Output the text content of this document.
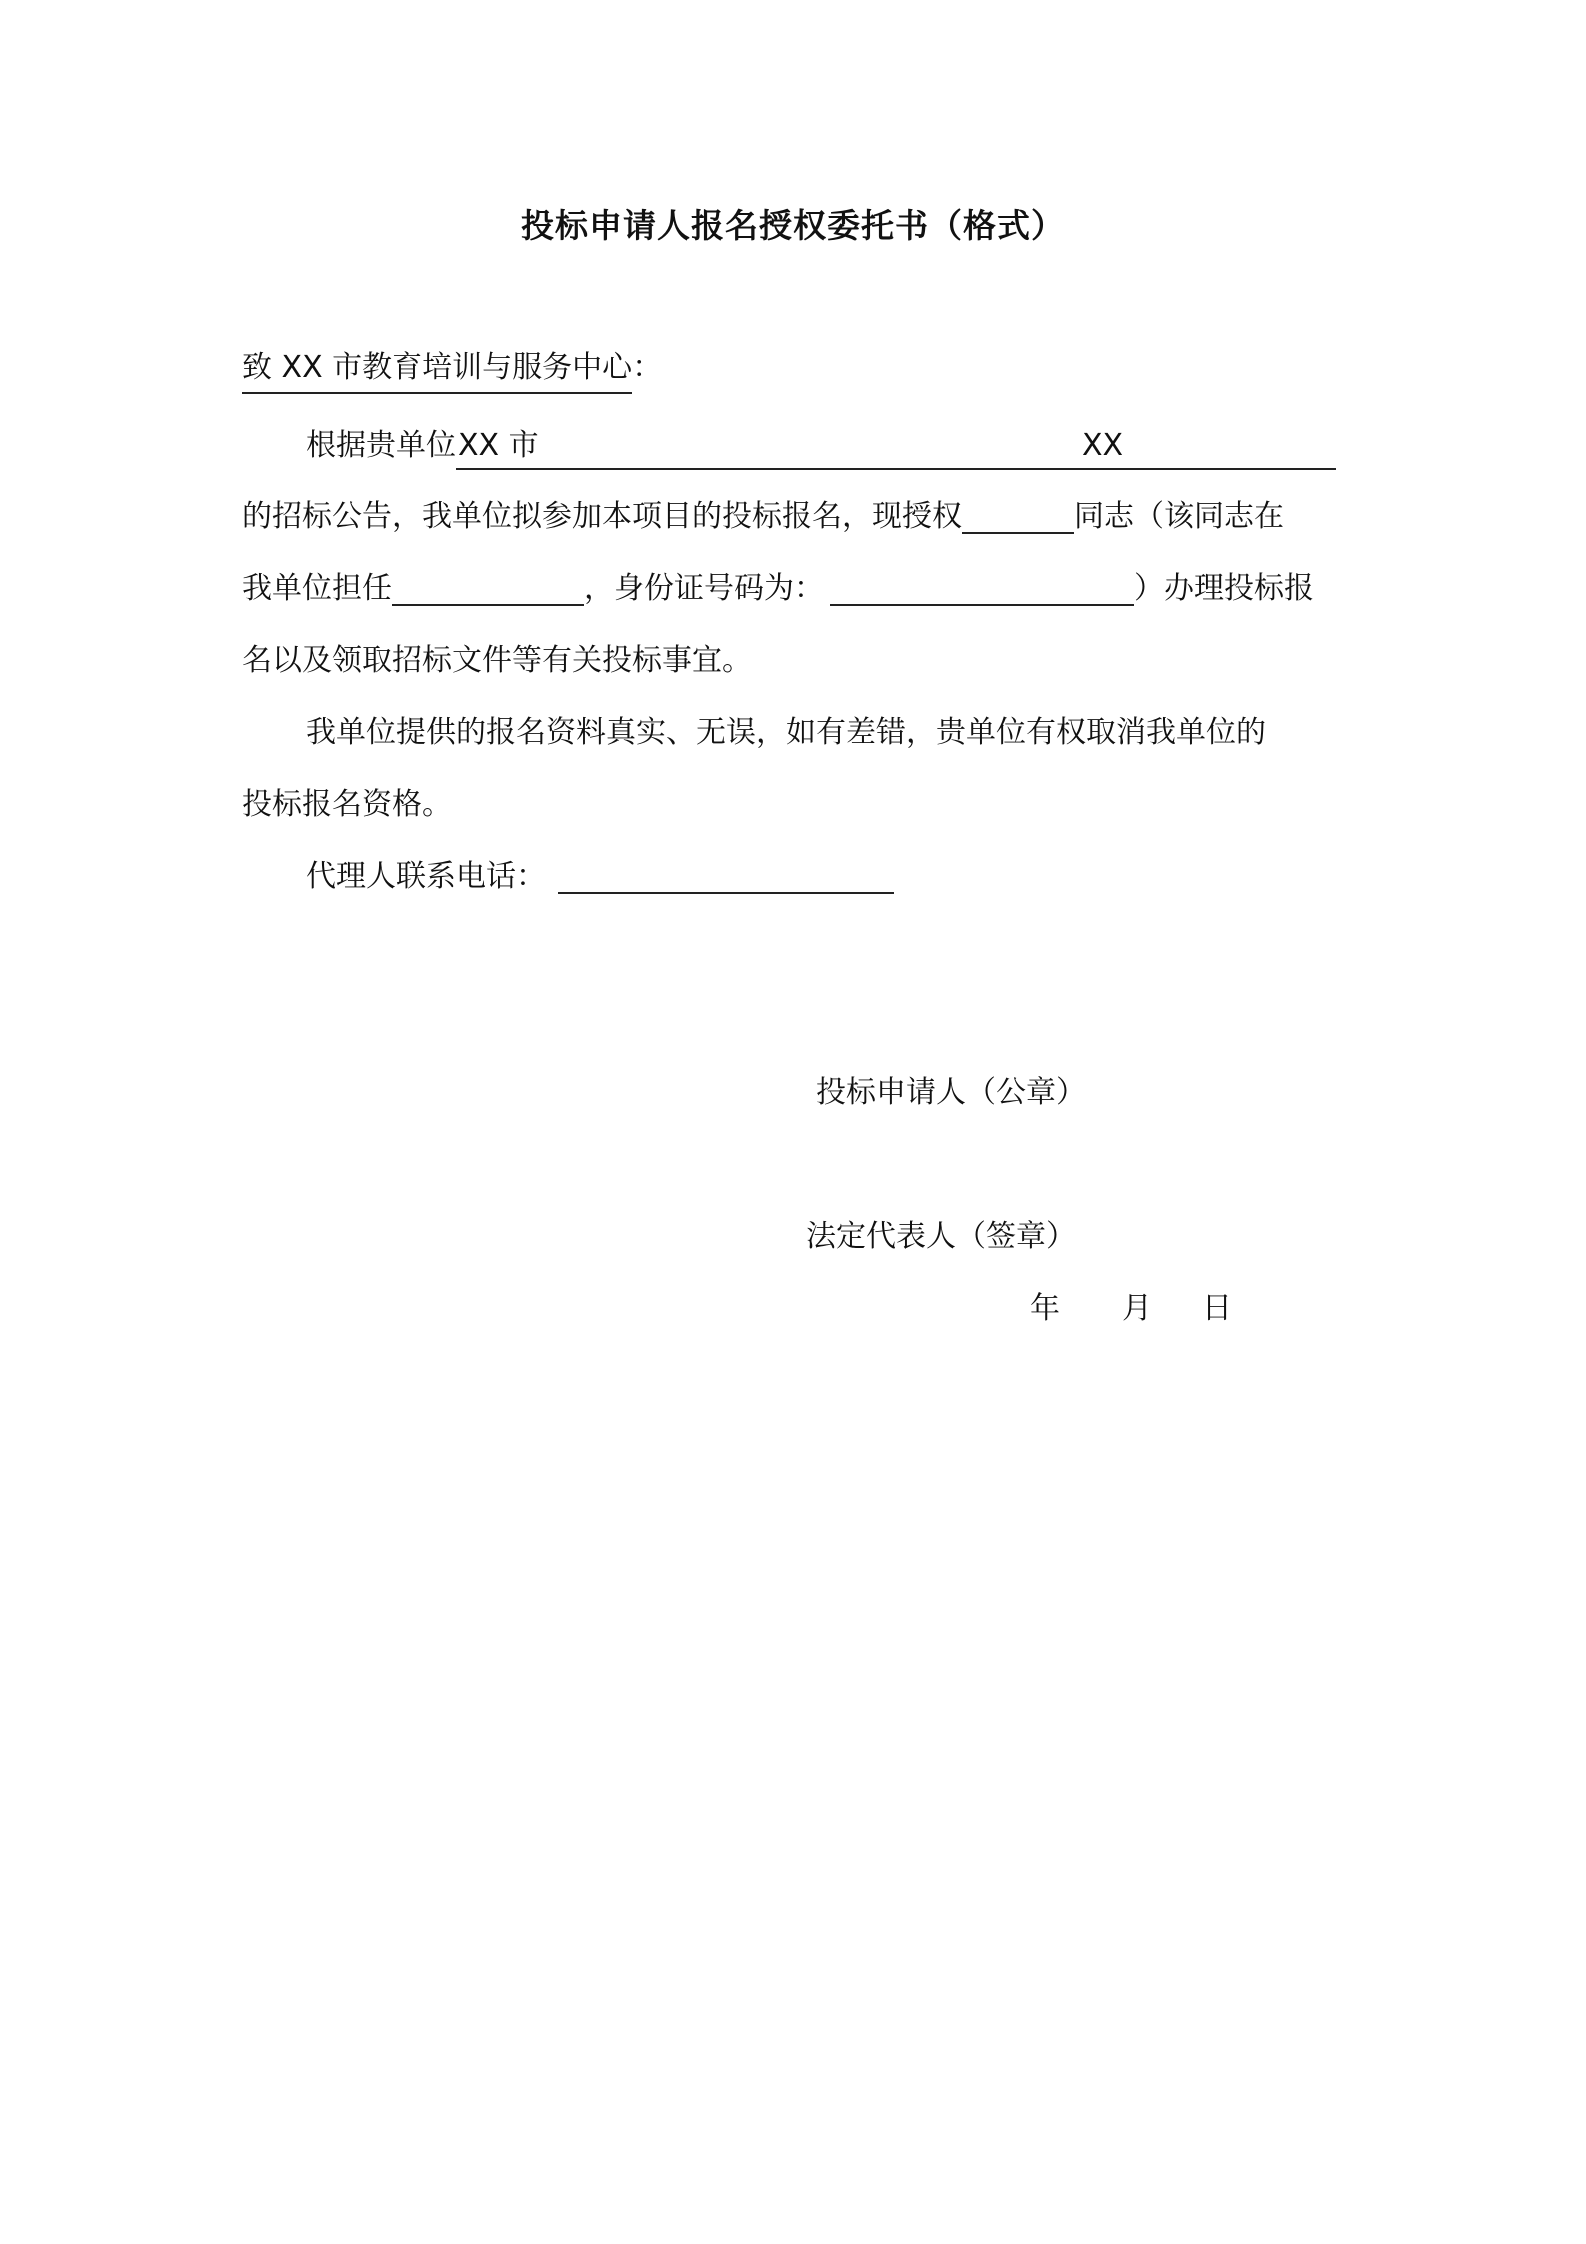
投标申请人报名授权委托书（格式）
致 XX 市教育培训与服务中心：
根据贵单位XX 市	XX
的招标公告，我单位拟参加本项目的投标报名，现授权	同志（该同志在
我单位担任	，身份证号码为：	）办理投标报
名以及领取招标文件等有关投标事宜。
我单位提供的报名资料真实、无误，如有差错，贵单位有权取消我单位的
投标报名资格。
代理人联系电话：
投标申请人（公章）
法定代表人（签章）
年 月 日
